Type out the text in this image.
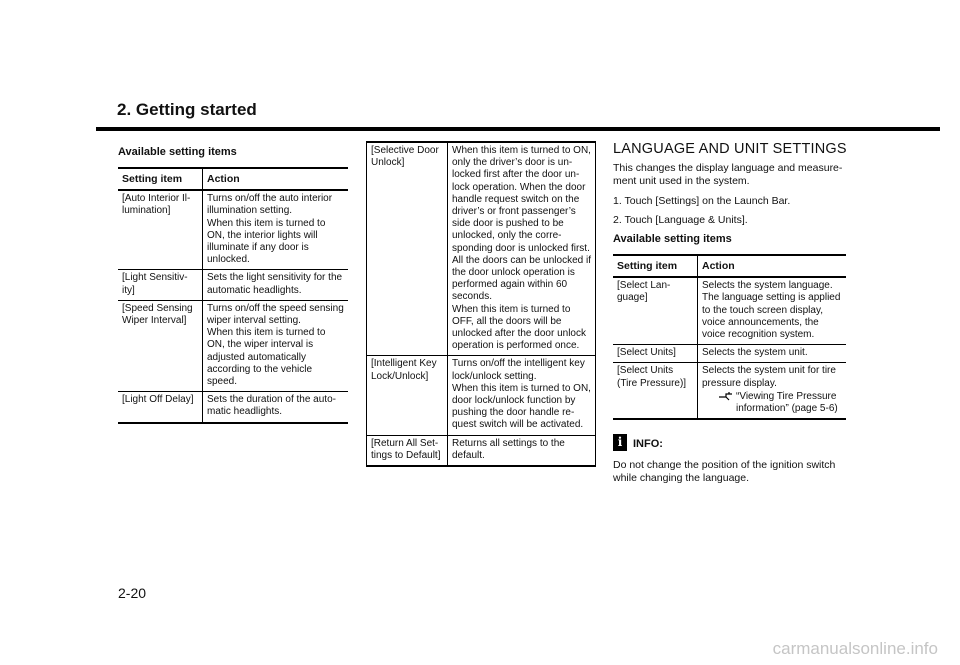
2. Getting started

Available setting items

Setting item	Action
[Auto Interior Il-lumination]	Turns on/off the auto interior illumination setting.
When this item is turned to ON, the interior lights will illuminate if any door is unlocked.
[Light Sensitiv-ity]	Sets the light sensitivity for the automatic headlights.
[Speed Sensing Wiper Interval]	Turns on/off the speed sensing wiper interval setting.
When this item is turned to ON, the wiper interval is adjusted automatically according to the vehicle speed.
[Light Off Delay]	Sets the duration of the auto-matic headlights.
[Selective Door Unlock]	When this item is turned to ON, only the driver’s door is un-locked first after the door un-lock operation. When the door handle request switch on the driver’s or front passenger’s side door is pushed to be unlocked, only the corre-sponding door is unlocked first. All the doors can be unlocked if the door unlock operation is performed again within 60 seconds.
When this item is turned to OFF, all the doors will be unlocked after the door unlock operation is performed once.
[Intelligent Key Lock/Unlock]	Turns on/off the intelligent key lock/unlock setting.
When this item is turned to ON, door lock/unlock function by pushing the door handle re-quest switch will be activated.
[Return All Set-tings to Default]	Returns all settings to the default.
LANGUAGE AND UNIT SETTINGS

This changes the display language and measure-ment unit used in the system.

1. Touch [Settings] on the Launch Bar.

2. Touch [Language & Units].

Available setting items

Setting item	Action
[Select Lan-guage]	Selects the system language. The language setting is applied to the touch screen display, voice announcements, the voice recognition system.
[Select Units]	Selects the system unit.
[Select Units (Tire Pressure)]	Selects the system unit for tire pressure display.
“Viewing Tire Pressure information” (page 5-6)
i INFO:

Do not change the position of the ignition switch while changing the language.

2-20

carmanualsonline.info
